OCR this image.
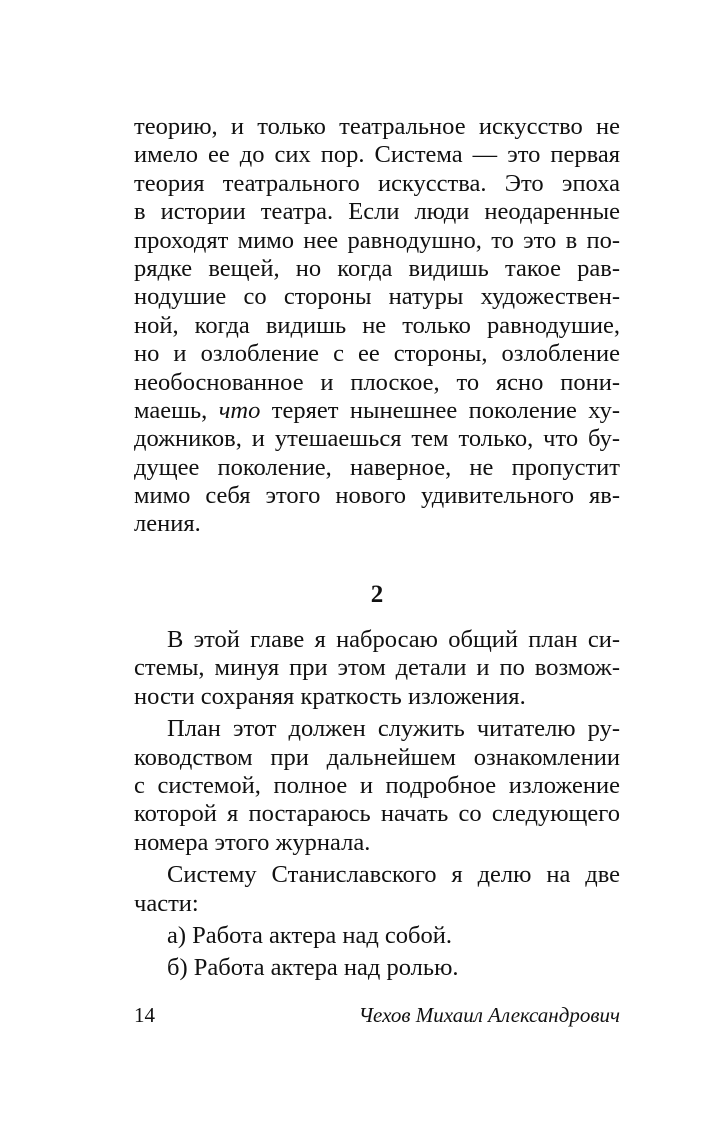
теорию, и только театральное искусство не
имело ее до сих пор. Система — это первая
теория театрального искусства. Это эпоха
в истории театра. Если люди неодаренные
проходят мимо нее равнодушно, то это в по-
рядке вещей, но когда видишь такое рав-
нодушие со стороны натуры художествен-
ной, когда видишь не только равнодушие,
но и озлобление с ее стороны, озлобление
необоснованное и плоское, то ясно пони-
маешь, что теряет нынешнее поколение ху-
дожников, и утешаешься тем только, что бу-
дущее поколение, наверное, не пропустит
мимо себя этого нового удивительного яв-
ления.
2
В этой главе я набросаю общий план си-
стемы, минуя при этом детали и по возмож-
ности сохраняя краткость изложения.
План этот должен служить читателю ру-
ководством при дальнейшем ознакомлении
с системой, полное и подробное изложение
которой я постараюсь начать со следующего
номера этого журнала.
Систему Станиславского я делю на две
части:
а) Работа актера над собой.
б) Работа актера над ролью.
14	Чехов Михаил Александрович
